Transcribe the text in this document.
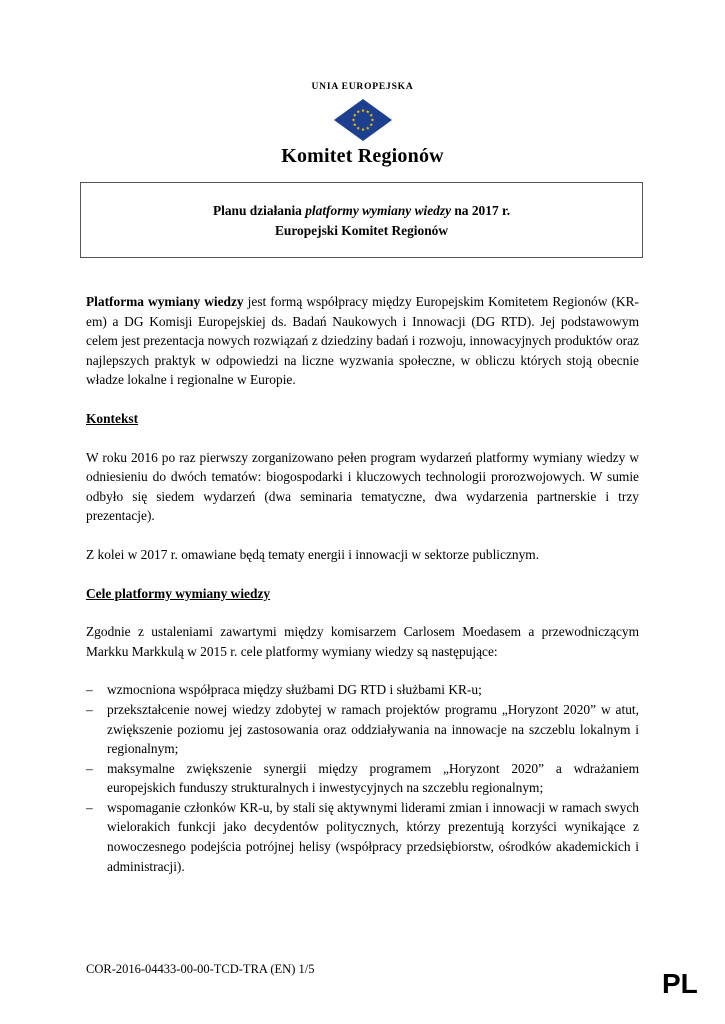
UNIA EUROPEJSKA
Komitet Regionów
Planu działania platformy wymiany wiedzy na 2017 r.
Europejski Komitet Regionów

Platforma wymiany wiedzy jest formą współpracy między Europejskim Komitetem Regionów (KR-em) a DG Komisji Europejskiej ds. Badań Naukowych i Innowacji (DG RTD). Jej podstawowym celem jest prezentacja nowych rozwiązań z dziedziny badań i rozwoju, innowacyjnych produktów oraz najlepszych praktyk w odpowiedzi na liczne wyzwania społeczne, w obliczu których stoją obecnie władze lokalne i regionalne w Europie.

Kontekst

W roku 2016 po raz pierwszy zorganizowano pełen program wydarzeń platformy wymiany wiedzy w odniesieniu do dwóch tematów: biogospodarki i kluczowych technologii prorozwojowych. W sumie odbyło się siedem wydarzeń (dwa seminaria tematyczne, dwa wydarzenia partnerskie i trzy prezentacje).

Z kolei w 2017 r. omawiane będą tematy energii i innowacji w sektorze publicznym.

Cele platformy wymiany wiedzy

Zgodnie z ustaleniami zawartymi między komisarzem Carlosem Moedasem a przewodniczącym Markku Markkulą w 2015 r. cele platformy wymiany wiedzy są następujące:

– wzmocniona współpraca między służbami DG RTD i służbami KR-u;
– przekształcenie nowej wiedzy zdobytej w ramach projektów programu „Horyzont 2020” w atut, zwiększenie poziomu jej zastosowania oraz oddziaływania na innowacje na szczeblu lokalnym i regionalnym;
– maksymalne zwiększenie synergii między programem „Horyzont 2020” a wdrażaniem europejskich funduszy strukturalnych i inwestycyjnych na szczeblu regionalnym;
– wspomaganie członków KR-u, by stali się aktywnymi liderami zmian i innowacji w ramach swych wielorakich funkcji jako decydentów politycznych, którzy prezentują korzyści wynikające z nowoczesnego podejścia potrójnej helisy (współpracy przedsiębiorstw, ośrodków akademickich i administracji).
COR-2016-04433-00-00-TCD-TRA (EN) 1/5	PL
